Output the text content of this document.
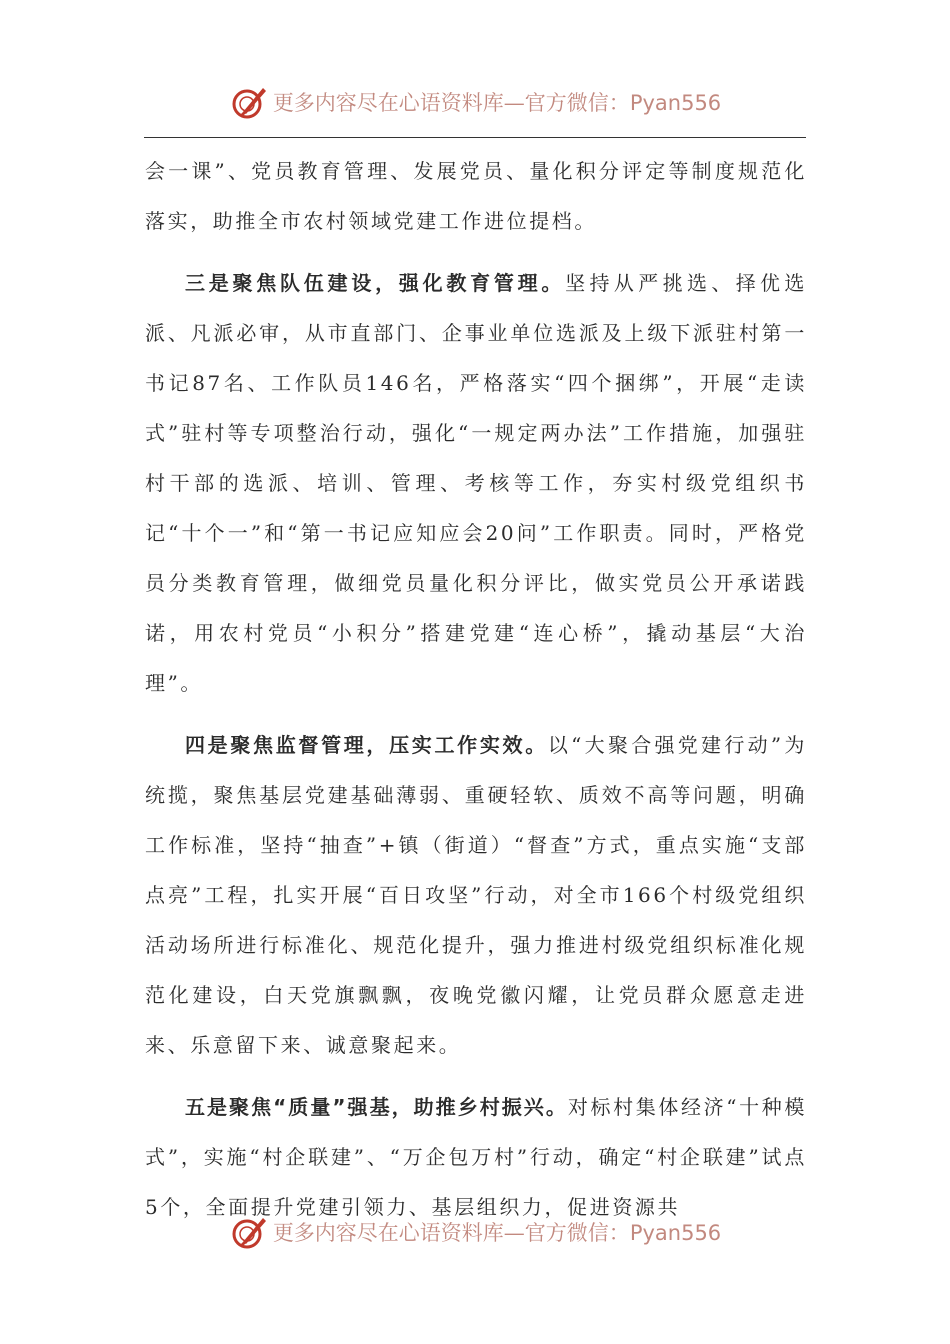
更多内容尽在心语资料库—官方微信：Pyan556

会一课”、党员教育管理、发展党员、量化积分评定等制度规范化落实，助推全市农村领域党建工作进位提档。

三是聚焦队伍建设，强化教育管理。坚持从严挑选、择优选派、凡派必审，从市直部门、企事业单位选派及上级下派驻村第一书记87名、工作队员146名，严格落实“四个捆绑”，开展“走读式”驻村等专项整治行动，强化“一规定两办法”工作措施，加强驻村干部的选派、培训、管理、考核等工作，夯实村级党组织书记“十个一”和“第一书记应知应会20问”工作职责。同时，严格党员分类教育管理，做细党员量化积分评比，做实党员公开承诺践诺，用农村党员“小积分”搭建党建“连心桥”，撬动基层“大治理”。

四是聚焦监督管理，压实工作实效。以“大聚合强党建行动”为统揽，聚焦基层党建基础薄弱、重硬轻软、质效不高等问题，明确工作标准，坚持“抽查”+镇（街道）“督查”方式，重点实施“支部点亮”工程，扎实开展“百日攻坚”行动，对全市166个村级党组织活动场所进行标准化、规范化提升，强力推进村级党组织标准化规范化建设，白天党旗飘飘，夜晚党徽闪耀，让党员群众愿意走进来、乐意留下来、诚意聚起来。

五是聚焦“质量”强基，助推乡村振兴。对标村集体经济“十种模式”，实施“村企联建”、“万企包万村”行动，确定“村企联建”试点5个，全面提升党建引领力、基层组织力，促进资源共

更多内容尽在心语资料库—官方微信：Pyan556
